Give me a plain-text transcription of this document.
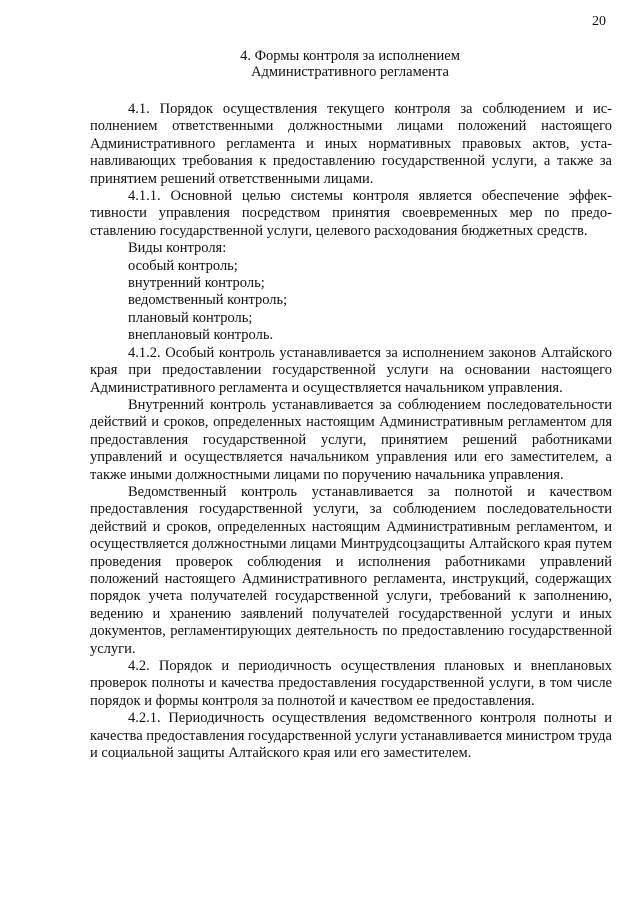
20
4. Формы контроля за исполнением
Административного регламента

4.1. Порядок осуществления текущего контроля за соблюдением и исполнением ответственными должностными лицами положений настоящего Административного регламента и иных нормативных правовых актов, устанавливающих требования к предоставлению государственной услуги, а также за принятием решений ответственными лицами.

4.1.1. Основной целью системы контроля является обеспечение эффективности управления посредством принятия своевременных мер по предоставлению государственной услуги, целевого расходования бюджетных средств.

Виды контроля:

особый контроль;
внутренний контроль;
ведомственный контроль;
плановый контроль;
внеплановый контроль.

4.1.2. Особый контроль устанавливается за исполнением законов Алтайского края при предоставлении государственной услуги на основании настоящего Административного регламента и осуществляется начальником управления.

Внутренний контроль устанавливается за соблюдением последовательности действий и сроков, определенных настоящим Административным регламентом для предоставления государственной услуги, принятием решений работниками управлений и осуществляется начальником управления или его заместителем, а также иными должностными лицами по поручению начальника управления.

Ведомственный контроль устанавливается за полнотой и качеством предоставления государственной услуги, за соблюдением последовательности действий и сроков, определенных настоящим Административным регламентом, и осуществляется должностными лицами Минтрудсоцзащиты Алтайского края путем проведения проверок соблюдения и исполнения работниками управлений положений настоящего Административного регламента, инструкций, содержащих порядок учета получателей государственной услуги, требований к заполнению, ведению и хранению заявлений получателей государственной услуги и иных документов, регламентирующих деятельность по предоставлению государственной услуги.

4.2. Порядок и периодичность осуществления плановых и внеплановых проверок полноты и качества предоставления государственной услуги, в том числе порядок и формы контроля за полнотой и качеством ее предоставления.

4.2.1. Периодичность осуществления ведомственного контроля полноты и качества предоставления государственной услуги устанавливается министром труда и социальной защиты Алтайского края или его заместителем.
